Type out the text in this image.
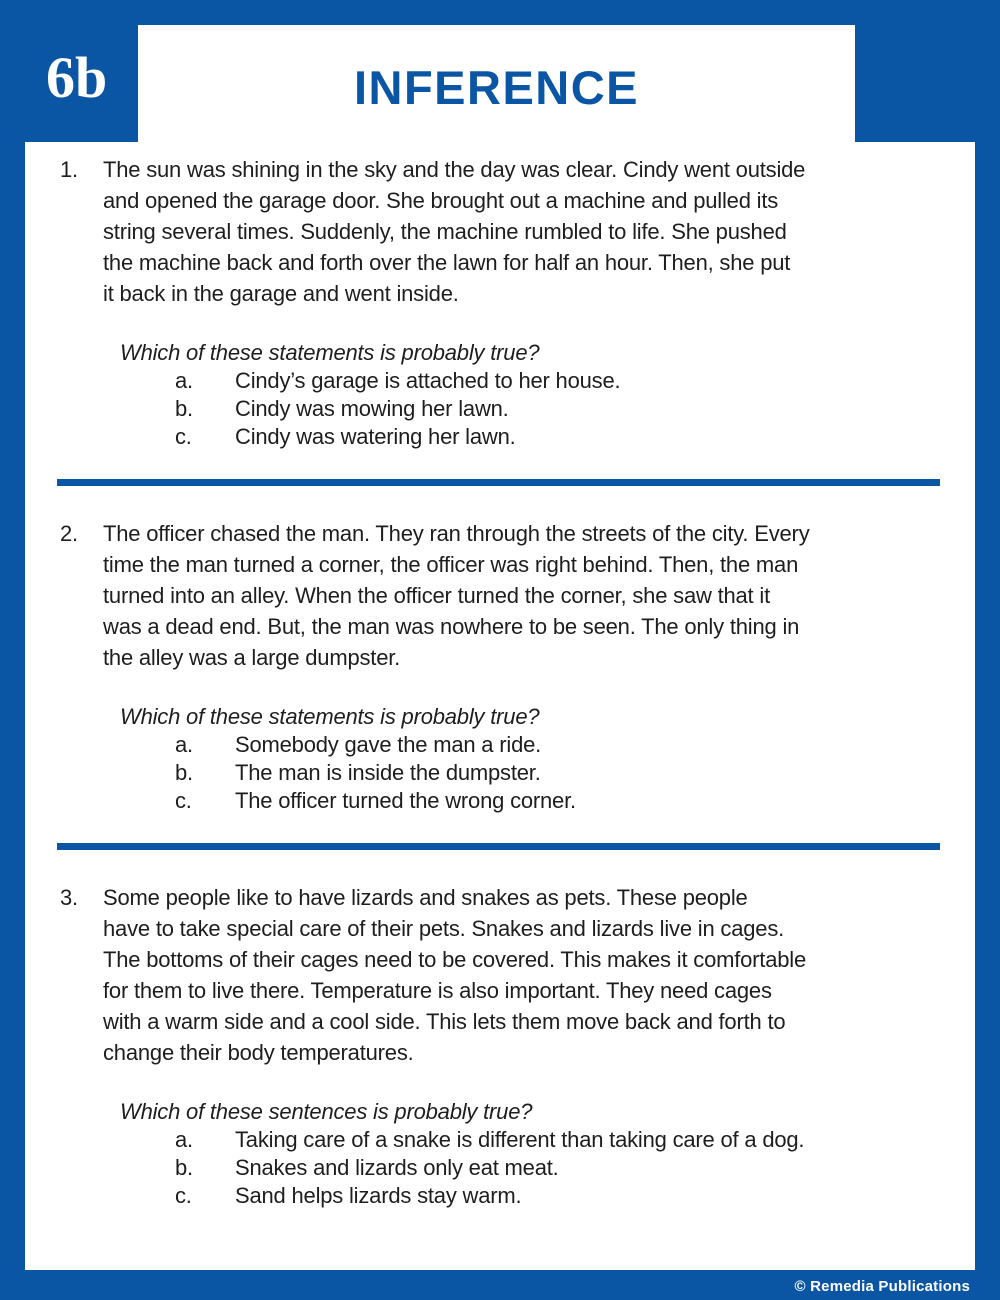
6b	INFERENCE
1.	The sun was shining in the sky and the day was clear. Cindy went outside
and opened the garage door. She brought out a machine and pulled its
string several times. Suddenly, the machine rumbled to life. She pushed
the machine back and forth over the lawn for half an hour. Then, she put
it back in the garage and went inside.
Which of these statements is probably true?
a.	Cindy’s garage is attached to her house.
b.	Cindy was mowing her lawn.
c.	Cindy was watering her lawn.
2.	The officer chased the man. They ran through the streets of the city. Every
time the man turned a corner, the officer was right behind. Then, the man
turned into an alley. When the officer turned the corner, she saw that it
was a dead end. But, the man was nowhere to be seen. The only thing in
the alley was a large dumpster.
Which of these statements is probably true?
a.	Somebody gave the man a ride.
b.	The man is inside the dumpster.
c.	The officer turned the wrong corner.
3.	Some people like to have lizards and snakes as pets. These people
have to take special care of their pets. Snakes and lizards live in cages.
The bottoms of their cages need to be covered. This makes it comfortable
for them to live there. Temperature is also important. They need cages
with a warm side and a cool side. This lets them move back and forth to
change their body temperatures.
Which of these sentences is probably true?
a.	Taking care of a snake is different than taking care of a dog.
b.	Snakes and lizards only eat meat.
c.	Sand helps lizards stay warm.
© Remedia Publications
